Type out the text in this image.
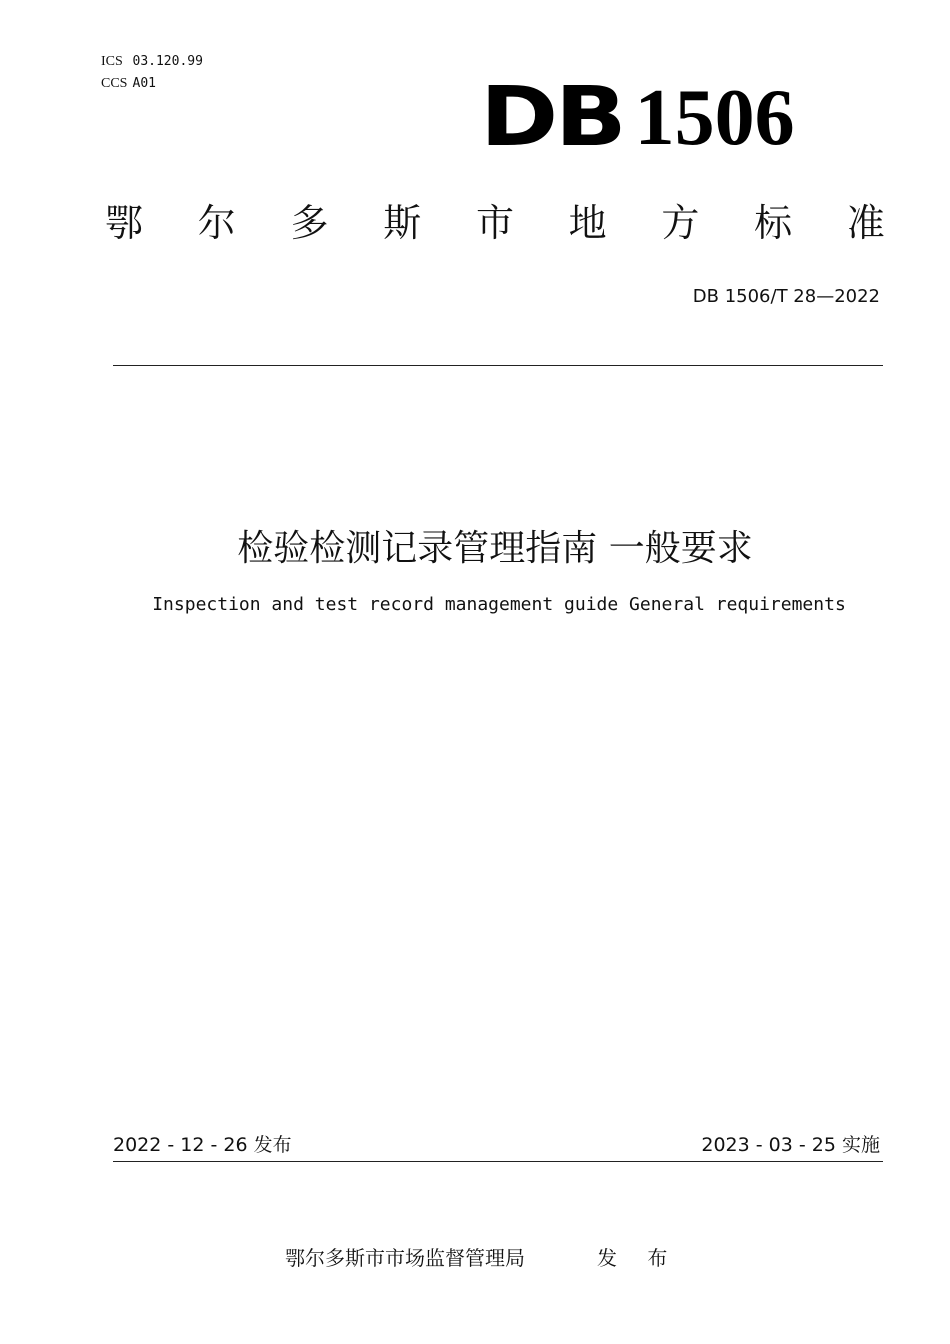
ICS 03.120.99
CCS A01	DB 1506
鄂 尔 多 斯 市 地 方 标 准
DB 1506/T 28—2022
检验检测记录管理指南 一般要求
Inspection and test record management guide General requirements
2022 - 12 - 26 发布	2023 - 03 - 25 实施
鄂尔多斯市市场监督管理局	发 布
